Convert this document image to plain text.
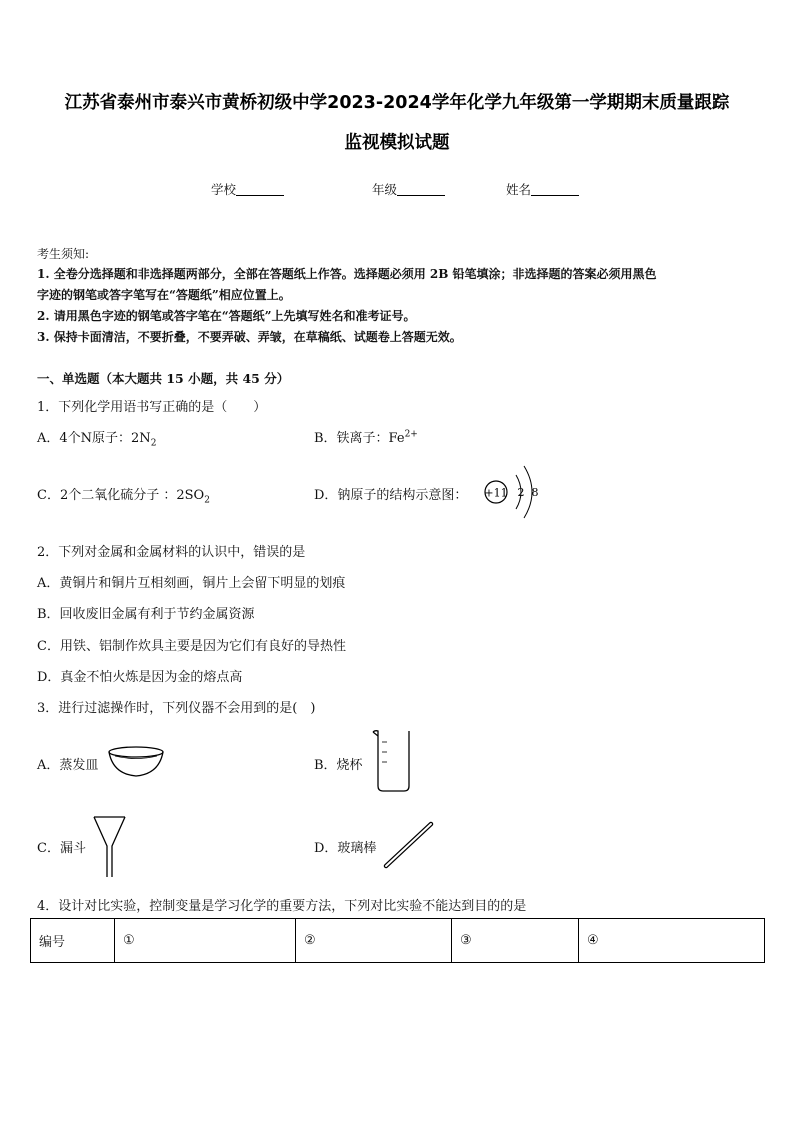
江苏省泰州市泰兴市黄桥初级中学2023-2024学年化学九年级第一学期期末质量跟踪
监视模拟试题
学校	年级	姓名
考生须知:
1. 全卷分选择题和非选择题两部分，全部在答题纸上作答。选择题必须用 2B 铅笔填涂；非选择题的答案必须用黑色
字迹的钢笔或答字笔写在“答题纸”相应位置上。
2. 请用黑色字迹的钢笔或答字笔在“答题纸”上先填写姓名和准考证号。
3. 保持卡面清洁，不要折叠，不要弄破、弄皱，在草稿纸、试题卷上答题无效。
一、单选题（本大题共 15 小题，共 45 分）
1．下列化学用语书写正确的是（　　）
A．4个N原子：$2N_2$	B．铁离子：$Fe^{2+}$
C．2个二氧化硫分子 ：$2SO_2$	D．钠原子的结构示意图： +11 2 8
2．下列对金属和金属材料的认识中，错误的是
A．黄铜片和铜片互相刻画，铜片上会留下明显的划痕
B．回收废旧金属有利于节约金属资源
C．用铁、铝制作炊具主要是因为它们有良好的导热性
D．真金不怕火炼是因为金的熔点高
3．进行过滤操作时，下列仪器不会用到的是(　)
A．蒸发皿	B．烧杯
C．漏斗	D．玻璃棒
4．设计对比实验，控制变量是学习化学的重要方法，下列对比实验不能达到目的的是
编号	①	②	③	④
